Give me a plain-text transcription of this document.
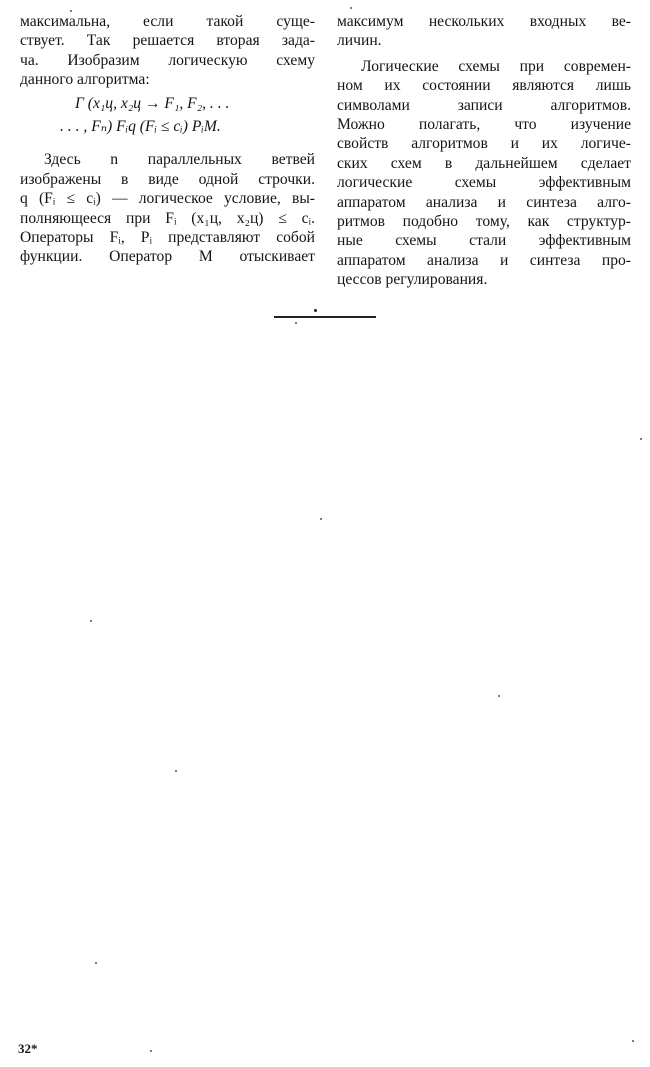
максимальна, если такой суще-
ствует. Так решается вторая зада-
ча. Изобразим логическую схему
данного алгоритма:
Γ (x₁ц, x₂ц → F₁, F₂, . . .
. . . , Fₙ) Fᵢq (Fᵢ ≤ cᵢ) PᵢM.
Здесь n параллельных ветвей
изображены в виде одной строчки.
q (Fᵢ ≤ cᵢ) — логическое условие, вы-
полняющееся при Fᵢ (x₁ц, x₂ц) ≤ cᵢ.
Операторы Fᵢ, Pᵢ представляют собой
функции. Оператор M отыскивает
максимум нескольких входных ве-
личин.
Логические схемы при современ-
ном их состоянии являются лишь
символами записи алгоритмов.
Можно полагать, что изучение
свойств алгоритмов и их логиче-
ских схем в дальнейшем сделает
логические схемы эффективным
аппаратом анализа и синтеза алго-
ритмов подобно тому, как структур-
ные схемы стали эффективным
аппаратом анализа и синтеза про-
цессов регулирования.
32*
